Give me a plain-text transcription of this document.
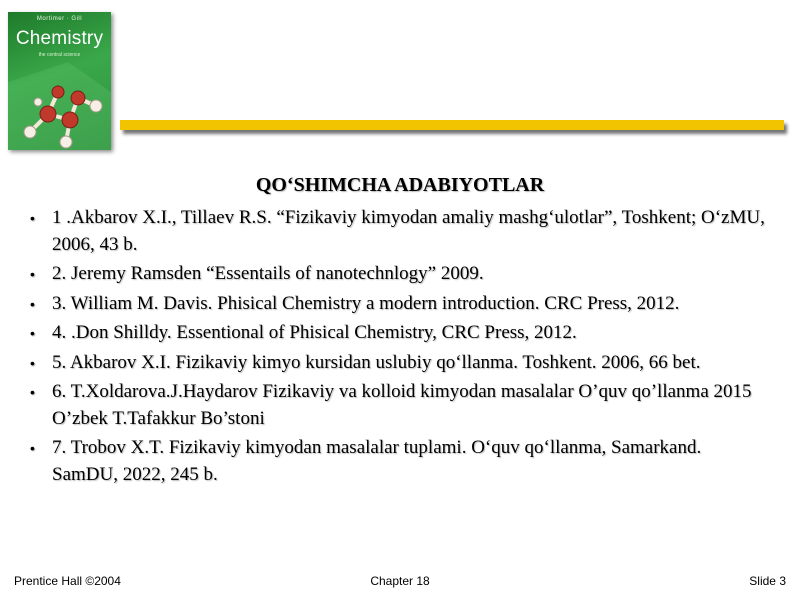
Mortimer · Gill
Chemistry
the central science
QO‘SHIMCHA ADABIYOTLAR
• 1 .Akbarov X.I., Tillaev R.S. “Fizikaviy kimyodan amaliy mashg‘ulotlar”, Toshkent; O‘zMU, 2006, 43 b.
• 2. Jeremy Ramsden “Essentails of nanotechnlogy” 2009.
• 3. William M. Davis. Phisical Chemistry a modern introduction. CRC Press, 2012.
• 4. .Don Shilldy. Essentional of Phisical Chemistry, CRC Press, 2012.
• 5. Akbarov X.I. Fizikaviy kimyo kursidan uslubiy qo‘llanma. Toshkent. 2006, 66 bet.
• 6. T.Xoldarova.J.Haydarov Fizikaviy va kolloid kimyodan masalalar O’quv qo’llanma 2015 O’zbek T.Tafakkur Bo’stoni
• 7. Trobov X.T. Fizikaviy kimyodan masalalar tuplami. O‘quv qo‘llanma, Samarkand. SamDU, 2022, 245 b.
Prentice Hall ©2004	Chapter 18	Slide 3
